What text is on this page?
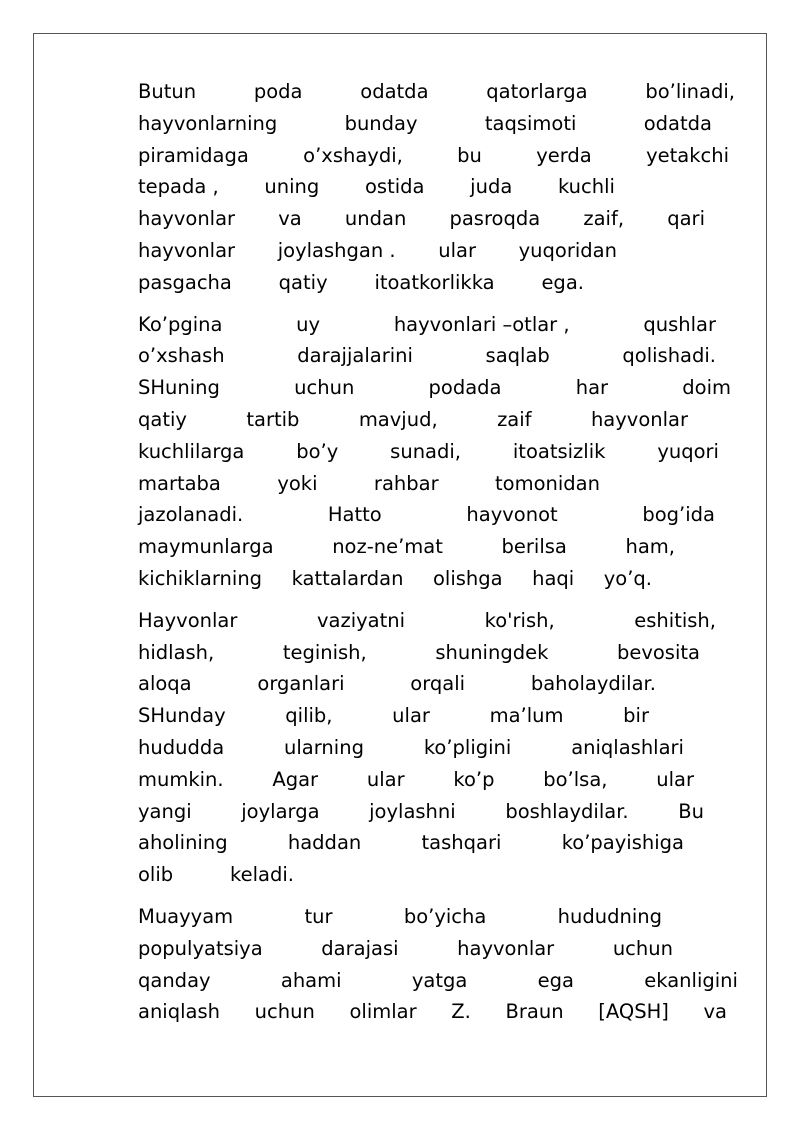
Butun	poda	odatda	qatorlarga	bo’linadi,
hayvonlarning	bunday	taqsimoti	odatda
piramidaga	o’xshaydi,	bu	yerda	yetakchi
tepada , uning ostida juda kuchli
hayvonlar va undan pasroqda zaif, qari
hayvonlar joylashgan . ular yuqoridan
pasgacha qatiy itoatkorlikka ega.

Ko’pgina	uy	hayvonlari –otlar ,	qushlar
o’xshash	darajjalarini	saqlab	qolishadi.
SHuning	uchun	podada	har	doim
qatiy	tartib	mavjud,	zaif	hayvonlar
kuchlilarga	bo’y	sunadi,	itoatsizlik	yuqori
martaba	yoki	rahbar	tomonidan
jazolanadi.	Hatto	hayvonot	bog’ida
maymunlarga	noz-ne’mat	berilsa	ham,
kichiklarning kattalardan olishga haqi yo’q.

Hayvonlar	vaziyatni	ko'rish,	eshitish,
hidlash,	teginish,	shuningdek	bevosita
aloqa	organlari	orqali	baholaydilar.
SHunday	qilib,	ular	ma’lum	bir
hududda	ularning	ko’pligini	aniqlashlari
mumkin.	Agar	ular	ko’p	bo’lsa,	ular
yangi	joylarga	joylashni	boshlaydilar.	Bu
aholining	haddan	tashqari	ko’payishiga
olib	keladi.

Muayyam	tur	bo’yicha	hududning
populyatsiya	darajasi	hayvonlar	uchun
qanday	ahami	yatga	ega	ekanligini
aniqlash uchun olimlar Z. Braun [AQSH] va
